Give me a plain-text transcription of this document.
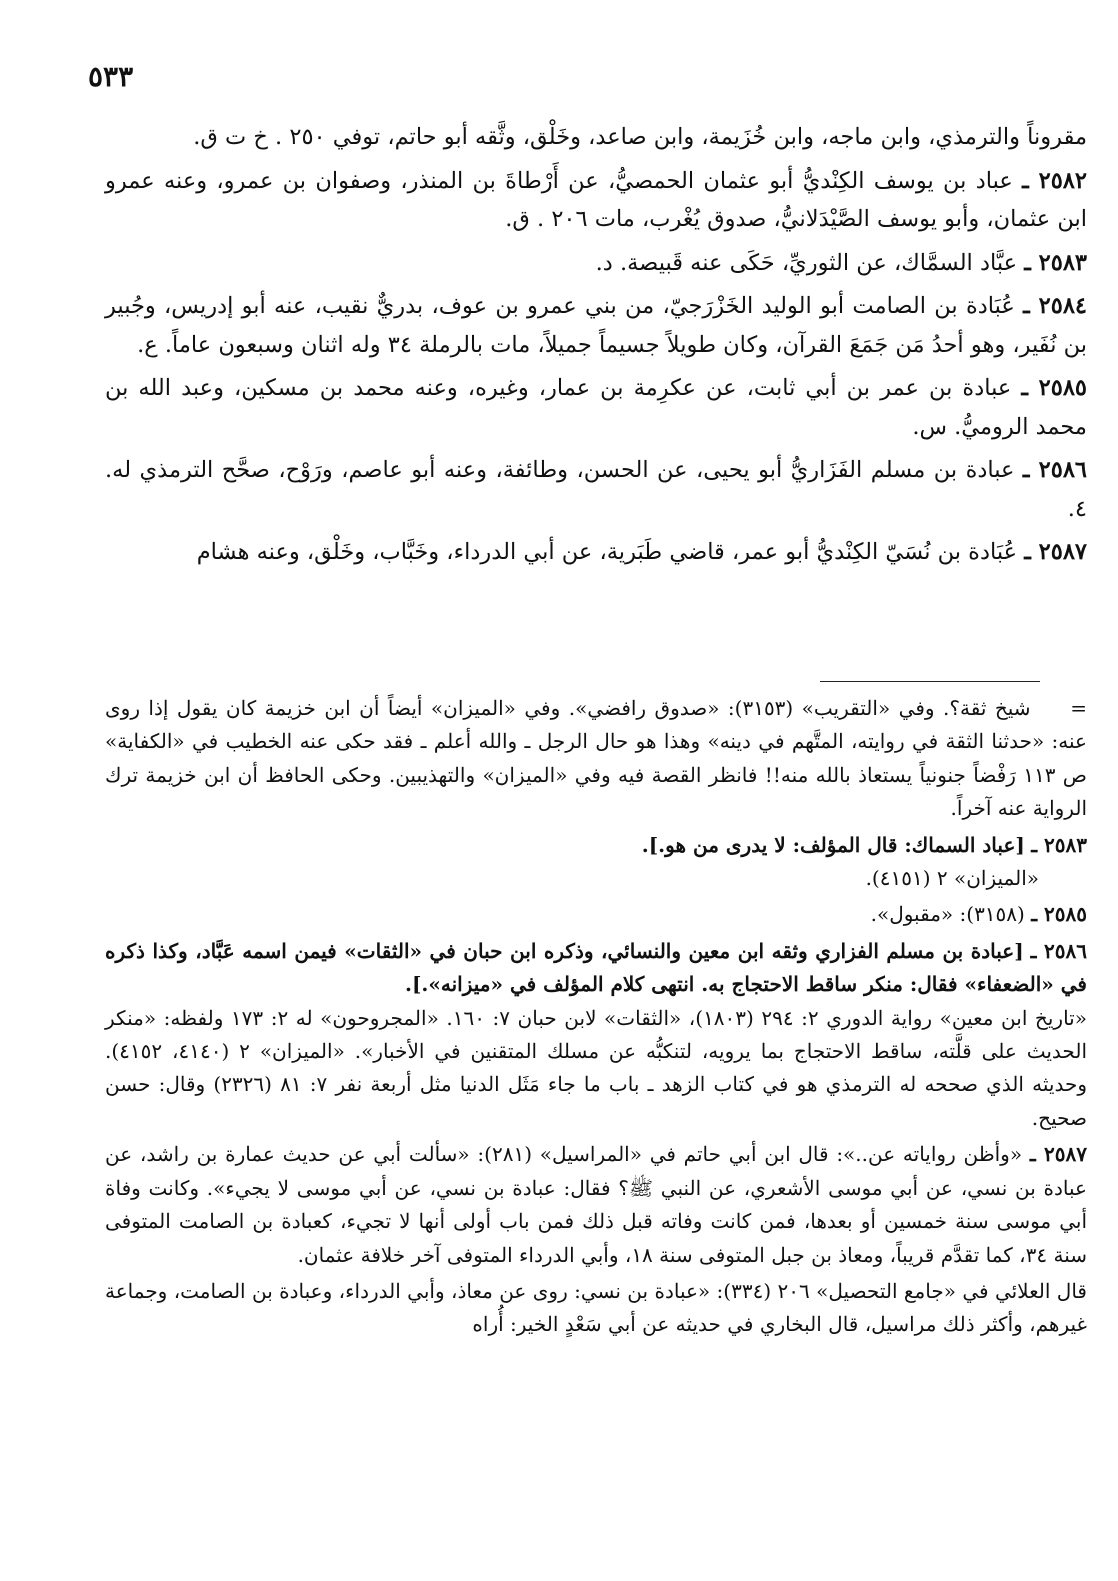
٥٣٣

مقروناً والترمذي، وابن ماجه، وابن خُزَيمة، وابن صاعد، وخَلْق، وثَّقه أبو حاتم، توفي ٢٥٠ . خ ت ق.

٢٥٨٢ ـ عباد بن يوسف الكِنْديُّ أبو عثمان الحمصيُّ، عن أَرْطاةَ بن المنذر، وصفوان بن عمرو، وعنه عمرو ابن عثمان، وأبو يوسف الصَّيْدَلانيُّ، صدوق يُغْرب، مات ٢٠٦ . ق.

٢٥٨٣ ـ عبَّاد السمَّاك، عن الثوريِّ، حَكَى عنه قَبيصة. د.

٢٥٨٤ ـ عُبَادة بن الصامت أبو الوليد الخَزْرَجيّ، من بني عمرو بن عوف، بدريٌّ نقيب، عنه أبو إدريس، وجُبير بن نُفَير، وهو أحدُ مَن جَمَعَ القرآن، وكان طويلاً جسيماً جميلاً، مات بالرملة ٣٤ وله اثنان وسبعون عاماً. ع.

٢٥٨٥ ـ عبادة بن عمر بن أبي ثابت، عن عكرِمة بن عمار، وغيره، وعنه محمد بن مسكين، وعبد الله بن محمد الروميُّ. س.

٢٥٨٦ ـ عبادة بن مسلم الفَزَاريُّ أبو يحيى، عن الحسن، وطائفة، وعنه أبو عاصم، ورَوْح، صحَّح الترمذي له. ٤.

٢٥٨٧ ـ عُبَادة بن نُسَيّ الكِنْديُّ أبو عمر، قاضي طَبَرية، عن أبي الدرداء، وخَبَّاب، وخَلْق، وعنه هشام

= شيخ ثقة؟. وفي «التقريب» (٣١٥٣): «صدوق رافضي». وفي «الميزان» أيضاً أن ابن خزيمة كان يقول إذا روى عنه: «حدثنا الثقة في روايته، المتَّهم في دينه» وهذا هو حال الرجل ـ والله أعلم ـ فقد حكى عنه الخطيب في «الكفاية» ص ١١٣ رَفْضاً جنونياً يستعاذ بالله منه!! فانظر القصة فيه وفي «الميزان» والتهذيبين. وحكى الحافظ أن ابن خزيمة ترك الرواية عنه آخراً.

٢٥٨٣ ـ [عباد السماك: قال المؤلف: لا يدرى من هو.].
«الميزان» ٢ (٤١٥١).

٢٥٨٥ ـ (٣١٥٨): «مقبول».

٢٥٨٦ ـ [عبادة بن مسلم الفزاري وثقه ابن معين والنسائي، وذكره ابن حبان في «الثقات» فيمن اسمه عَبَّاد، وكذا ذكره في «الضعفاء» فقال: منكر ساقط الاحتجاج به. انتهى كلام المؤلف في «ميزانه».].
«تاريخ ابن معين» رواية الدوري ٢: ٢٩٤ (١٨٠٣)، «الثقات» لابن حبان ٧: ١٦٠. «المجروحون» له ٢: ١٧٣ ولفظه: «منكر الحديث على قلَّته، ساقط الاحتجاج بما يرويه، لتنكبُّه عن مسلك المتقنين في الأخبار». «الميزان» ٢ (٤١٤٠، ٤١٥٢). وحديثه الذي صححه له الترمذي هو في كتاب الزهد ـ باب ما جاء مَثَل الدنيا مثل أربعة نفر ٧: ٨١ (٢٣٢٦) وقال: حسن صحيح.

٢٥٨٧ ـ «وأظن رواياته عن..»: قال ابن أبي حاتم في «المراسيل» (٢٨١): «سألت أبي عن حديث عمارة بن راشد، عن عبادة بن نسي، عن أبي موسى الأشعري، عن النبي ﷺ؟ فقال: عبادة بن نسي، عن أبي موسى لا يجيء». وكانت وفاة أبي موسى سنة خمسين أو بعدها، فمن كانت وفاته قبل ذلك فمن باب أولى أنها لا تجيء، كعبادة بن الصامت المتوفى سنة ٣٤، كما تقدَّم قريباً، ومعاذ بن جبل المتوفى سنة ١٨، وأبي الدرداء المتوفى آخر خلافة عثمان.

قال العلائي في «جامع التحصيل» ٢٠٦ (٣٣٤): «عبادة بن نسي: روى عن معاذ، وأبي الدرداء، وعبادة بن الصامت، وجماعة غيرهم، وأكثر ذلك مراسيل، قال البخاري في حديثه عن أبي سَعْدٍ الخير: أُراه
